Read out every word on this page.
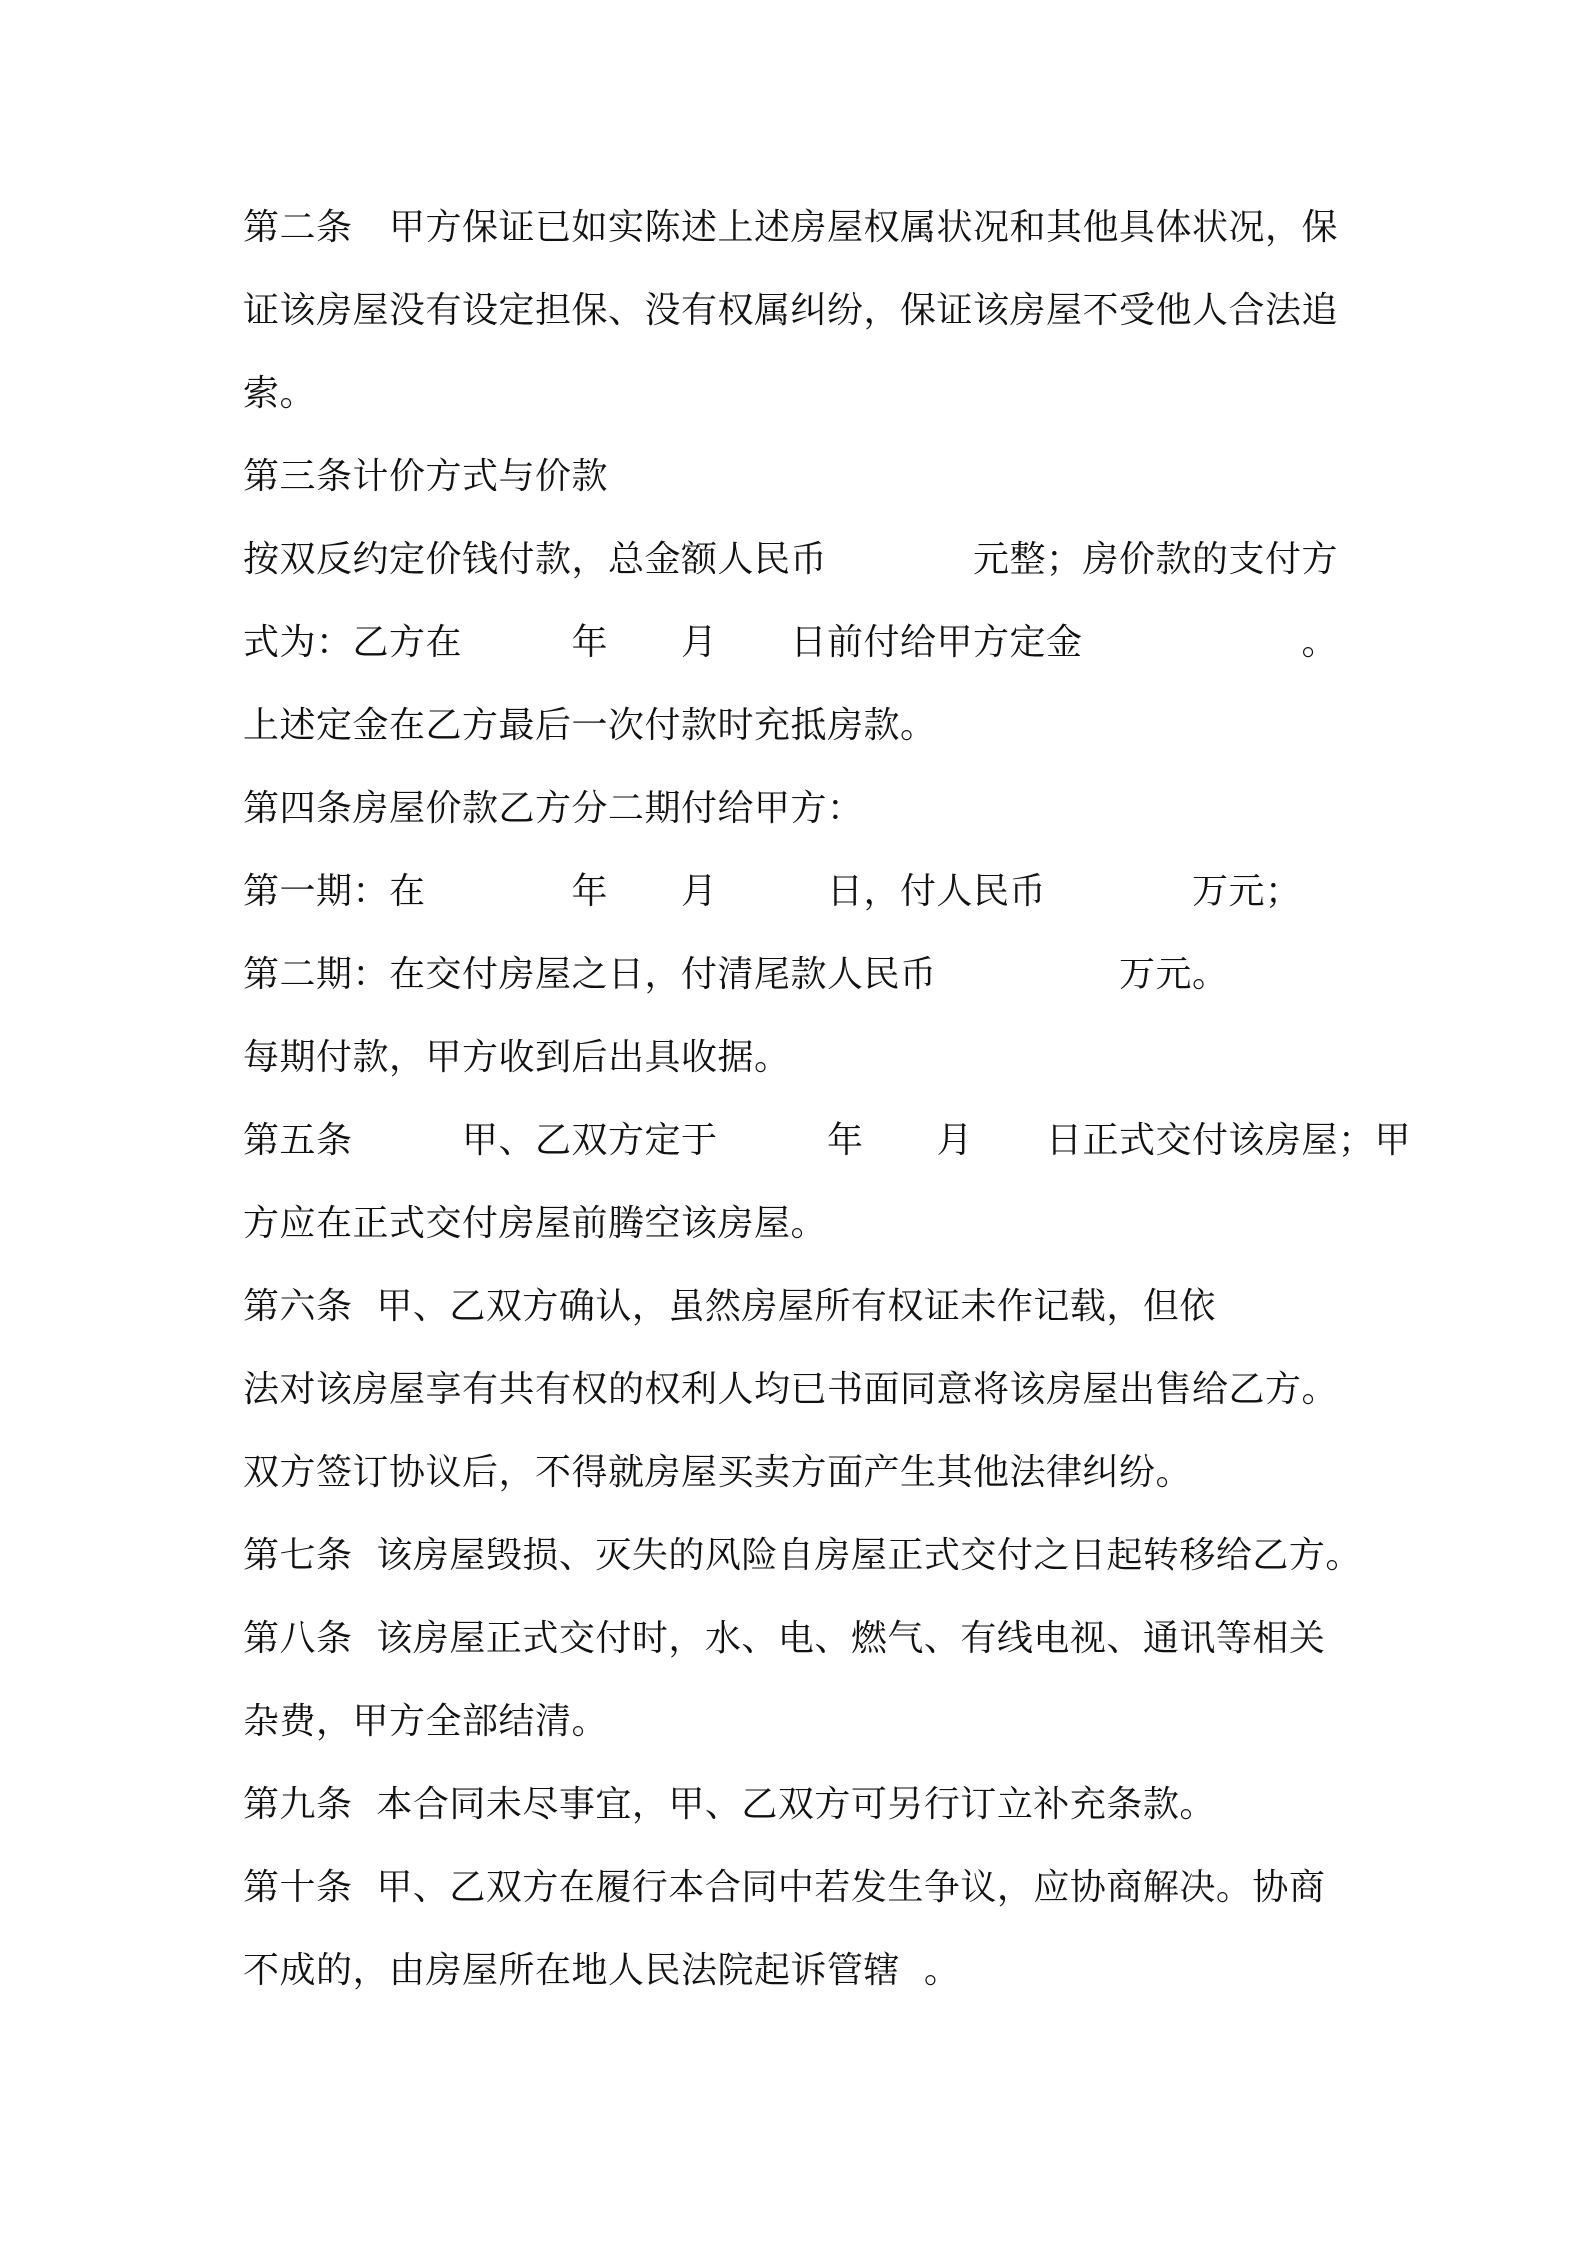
第二条　甲方保证已如实陈述上述房屋权属状况和其他具体状况，保
证该房屋没有设定担保、没有权属纠纷，保证该房屋不受他人合法追
索。
第三条计价方式与价款
按双反约定价钱付款，总金额人民币　　　　元整；房价款的支付方
式为：乙方在　　　年　　月　　日前付给甲方定金　　　　　　。
上述定金在乙方最后一次付款时充抵房款。
第四条房屋价款乙方分二期付给甲方：
第一期：在　　　　年　　月　　　日，付人民币　　　　万元；
第二期：在交付房屋之日，付清尾款人民币　　　　　万元。
每期付款，甲方收到后出具收据。
第五条　　　甲、乙双方定于　　　年　　月　　日正式交付该房屋；甲
方应在正式交付房屋前腾空该房屋。
第六条  甲、乙双方确认，虽然房屋所有权证未作记载，但依
法对该房屋享有共有权的权利人均已书面同意将该房屋出售给乙方。
双方签订协议后，不得就房屋买卖方面产生其他法律纠纷。
第七条  该房屋毁损、灭失的风险自房屋正式交付之日起转移给乙方。
第八条  该房屋正式交付时，水、电、燃气、有线电视、通讯等相关
杂费，甲方全部结清。
第九条  本合同未尽事宜，甲、乙双方可另行订立补充条款。
第十条  甲、乙双方在履行本合同中若发生争议，应协商解决。协商
不成的，由房屋所在地人民法院起诉管辖  。
